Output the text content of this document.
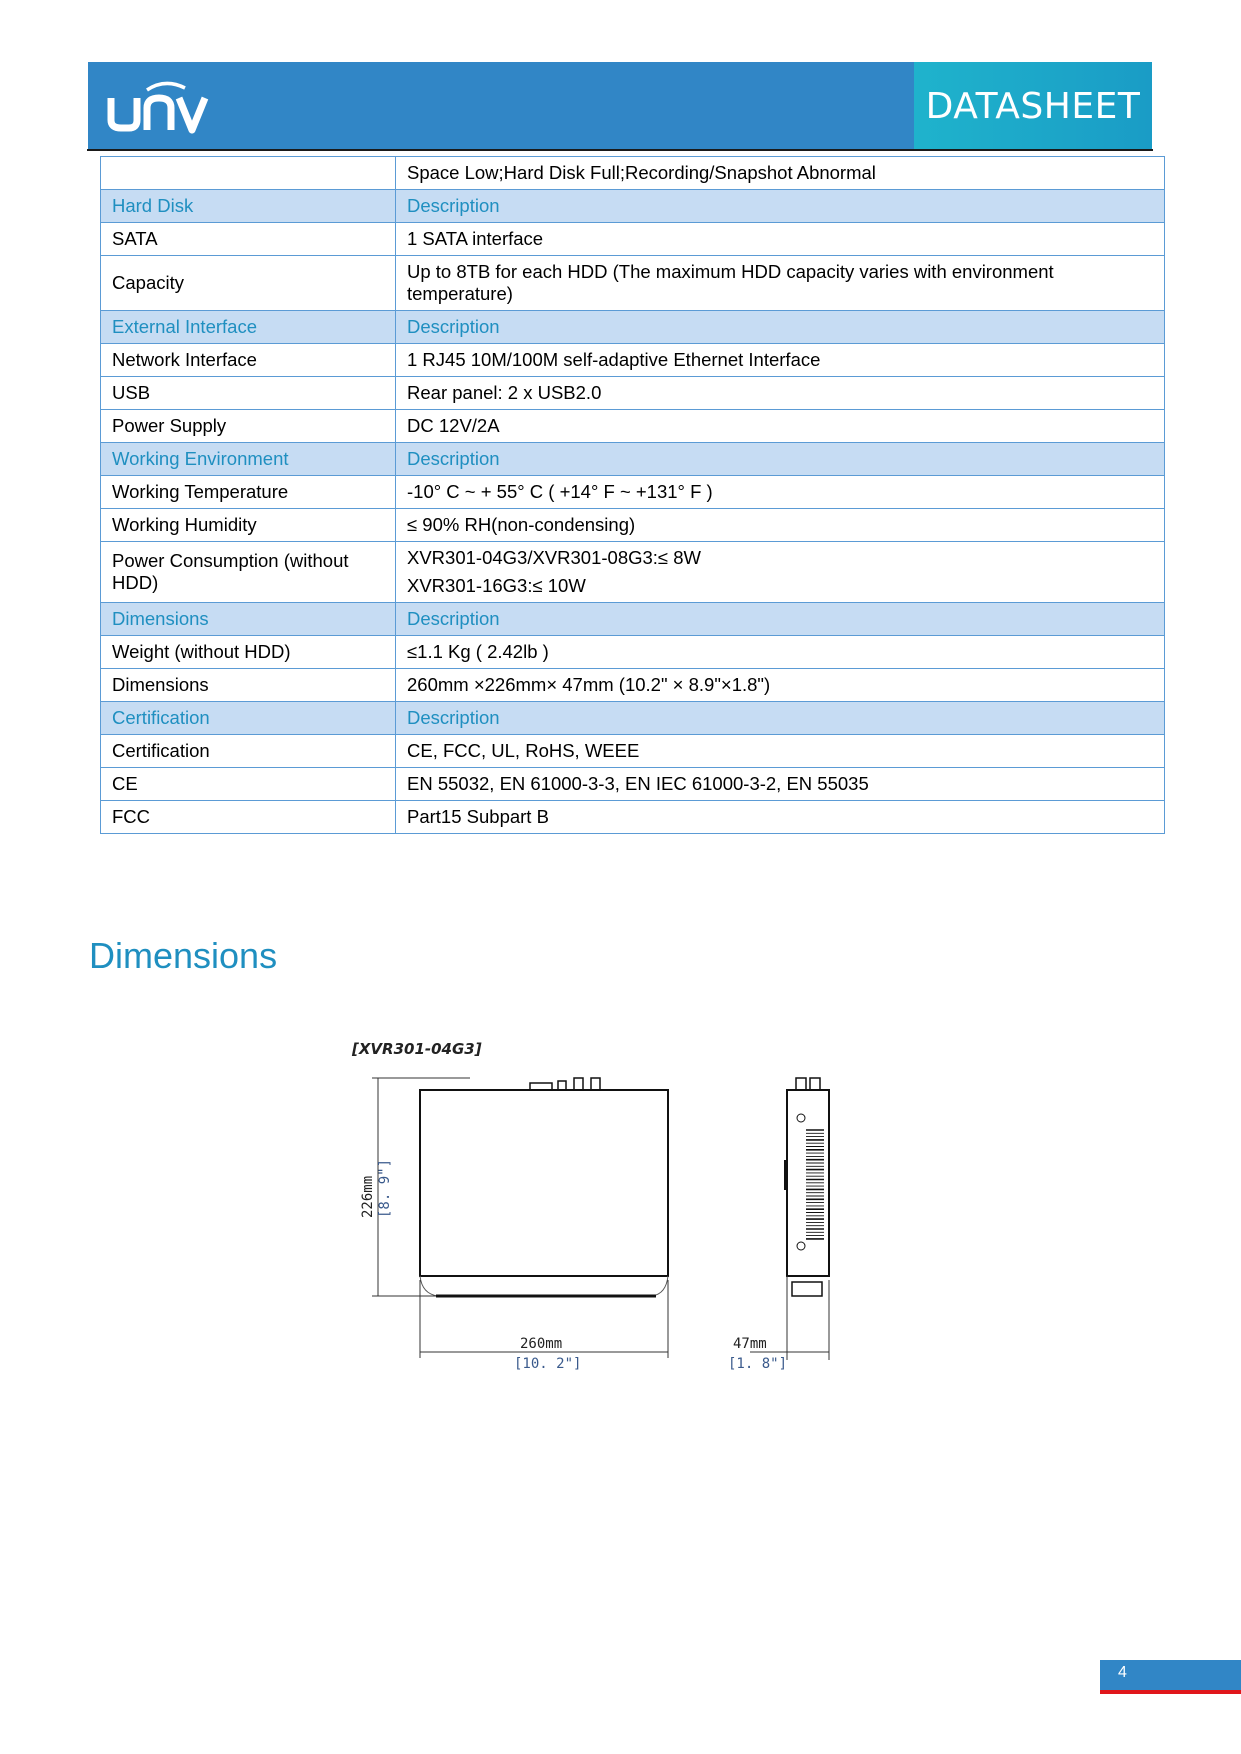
DATASHEET
	Space Low;Hard Disk Full;Recording/Snapshot Abnormal
Hard Disk	Description
SATA	1 SATA interface
Capacity	Up to 8TB for each HDD (The maximum HDD capacity varies with environment temperature)
External Interface	Description
Network Interface	1 RJ45 10M/100M self-adaptive Ethernet Interface
USB	Rear panel: 2 x USB2.0
Power Supply	DC 12V/2A
Working Environment	Description
Working Temperature	-10° C ~ + 55° C ( +14° F ~ +131° F )
Working Humidity	≤ 90% RH(non-condensing)
Power Consumption (without HDD)	XVR301-04G3/XVR301-08G3:≤ 8W
XVR301-16G3:≤ 10W

Dimensions	Description
Weight (without HDD)	≤1.1 Kg ( 2.42lb )
Dimensions	260mm ×226mm× 47mm (10.2" × 8.9"×1.8")
Certification	Description
Certification	CE, FCC, UL, RoHS, WEEE
CE	EN 55032, EN 61000-3-3, EN IEC 61000-3-2, EN 55035
FCC	Part15 Subpart B
Dimensions
[XVR301-04G3]
226mm [8. 9"]
260mm
[10. 2"]
47mm
[1. 8"]
4
